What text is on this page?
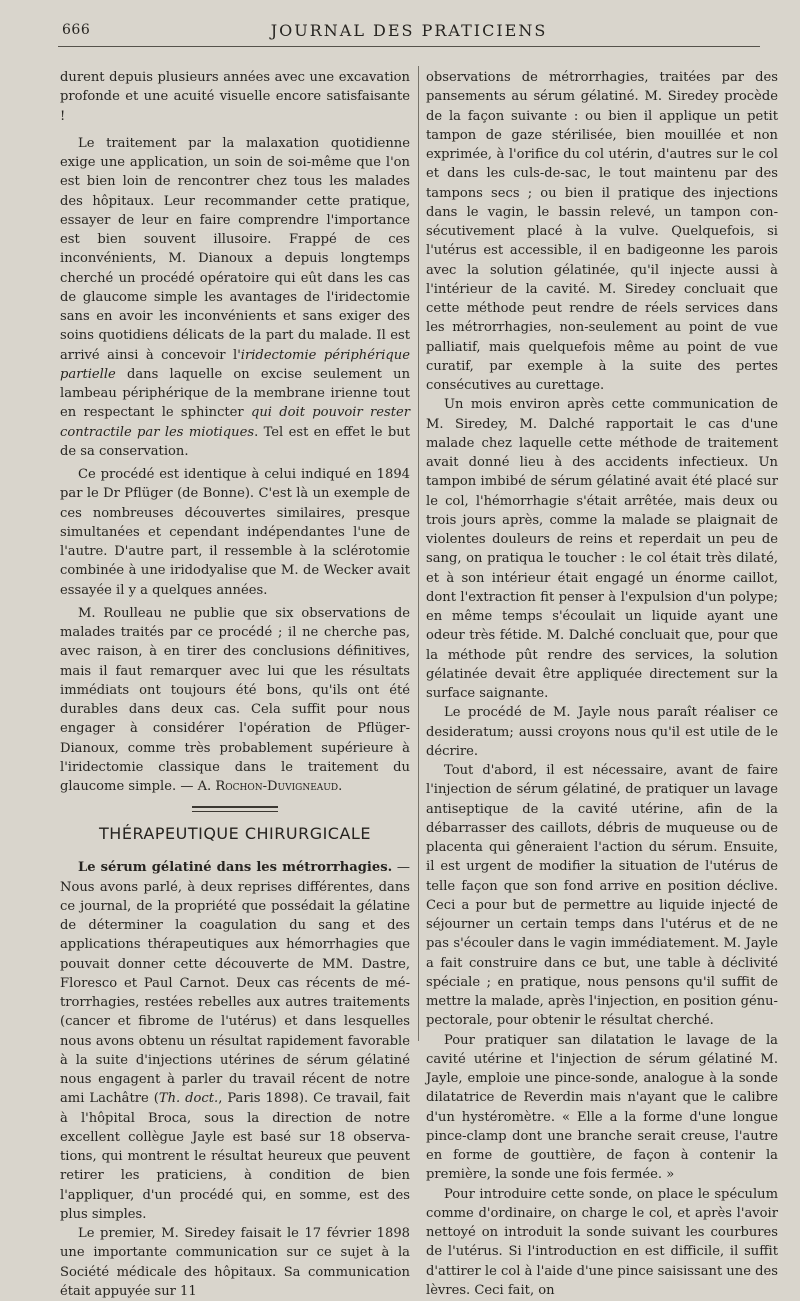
666	JOURNAL DES PRATICIENS

durent depuis plusieurs années avec une excavation profonde et une acuité visuelle encore satisfaisante !

Le traitement par la malaxation quotidienne exige une application, un soin de soi-même que l'on est bien loin de rencontrer chez tous les malades des hôpitaux. Leur recommander cette pratique, essayer de leur en faire comprendre l'importance est bien souvent illusoire. Frappé de ces inconvénients, M. Dianoux a depuis longtemps cherché un procédé opératoire qui eût dans les cas de glaucome simple les avantages de l'iridectomie sans en avoir les inconvénients et sans exiger des soins quotidiens délicats de la part du malade. Il est arrivé ainsi à concevoir l'iridectomie périphérique partielle dans laquelle on excise seulement un lambeau périphérique de la membrane irienne tout en respectant le sphincter qui doit pouvoir rester contractile par les miotiques. Tel est en effet le but de sa conservation.

Ce procédé est identique à celui indiqué en 1894 par le Dr Pflüger (de Bonne). C'est là un exemple de ces nombreuses découvertes similaires, presque simultanées et cependant indépendantes l'une de l'autre. D'autre part, il ressemble à la sclérotomie combinée à une iridodyalise que M. de Wecker avait essayée il y a quelques années.

M. Roulleau ne publie que six observations de malades traités par ce procédé ; il ne cherche pas, avec raison, à en tirer des conclusions définitives, mais il faut remarquer avec lui que les résultats immédiats ont toujours été bons, qu'ils ont été durables dans deux cas. Cela suffit pour nous engager à considérer l'opération de Pflüger-Dianoux, comme très probablement supérieure à l'iridectomie classique dans le traitement du glaucome simple. — A. Rochon-Duvigneaud.

THÉRAPEUTIQUE CHIRURGICALE

Le sérum gélatiné dans les métrorrhagies. — Nous avons parlé, à deux reprises différentes, dans ce journal, de la propriété que possédait la gélatine de déterminer la coagulation du sang et des applications thérapeutiques aux hémorrhagies que pouvait donner cette découverte de MM. Dastre, Floresco et Paul Carnot. Deux cas récents de métrorrhagies, restées rebelles aux autres traitements (cancer et fibrome de l'utérus) et dans lesquelles nous avons obtenu un résultat rapidement favorable à la suite d'injections utérines de sérum gélatiné nous engagent à parler du travail récent de notre ami Lachâtre (Th. doct., Paris 1898). Ce travail, fait à l'hôpital Broca, sous la direction de notre excellent collègue Jayle est basé sur 18 observations, qui montrent le résultat heureux que peuvent retirer les praticiens, à condition de bien l'appliquer, d'un procédé qui, en somme, est des plus simples.

Le premier, M. Siredey faisait le 17 février 1898 une importante communication sur ce sujet à la Société médicale des hôpitaux. Sa communication était appuyée sur 11

observations de métrorrhagies, traitées par des pansements au sérum gélatiné. M. Siredey procède de la façon suivante : ou bien il applique un petit tampon de gaze stérilisée, bien mouillée et non exprimée, à l'orifice du col utérin, d'autres sur le col et dans les culs-de-sac, le tout maintenu par des tampons secs ; ou bien il pratique des injections dans le vagin, le bassin relevé, un tampon consécutivement placé à la vulve. Quelquefois, si l'utérus est accessible, il en badigeonne les parois avec la solution gélatinée, qu'il injecte aussi à l'intérieur de la cavité. M. Siredey concluait que cette méthode peut rendre de réels services dans les métrorrhagies, non-seulement au point de vue palliatif, mais quelquefois même au point de vue curatif, par exemple à la suite des pertes consécutives au curettage.

Un mois environ après cette communication de M. Siredey, M. Dalché rapportait le cas d'une malade chez laquelle cette méthode de traitement avait donné lieu à des accidents infectieux. Un tampon imbibé de sérum gélatiné avait été placé sur le col, l'hémorrhagie s'était arrêtée, mais deux ou trois jours après, comme la malade se plaignait de violentes douleurs de reins et reperdait un peu de sang, on pratiqua le toucher : le col était très dilaté, et à son intérieur était engagé un énorme caillot, dont l'extraction fit penser à l'expulsion d'un polype; en même temps s'écoulait un liquide ayant une odeur très fétide. M. Dalché concluait que, pour que la méthode pût rendre des services, la solution gélatinée devait être appliquée directement sur la surface saignante.

Le procédé de M. Jayle nous paraît réaliser ce desideratum; aussi croyons nous qu'il est utile de le décrire.

Tout d'abord, il est nécessaire, avant de faire l'injection de sérum gélatiné, de pratiquer un lavage antiseptique de la cavité utérine, afin de la débarrasser des caillots, débris de muqueuse ou de placenta qui gêneraient l'action du sérum. Ensuite, il est urgent de modifier la situation de l'utérus de telle façon que son fond arrive en position déclive. Ceci a pour but de permettre au liquide injecté de séjourner un certain temps dans l'utérus et de ne pas s'écouler dans le vagin immédiatement. M. Jayle a fait construire dans ce but, une table à déclivité spéciale ; en pratique, nous pensons qu'il suffit de mettre la malade, après l'injection, en position génu-pectorale, pour obtenir le résultat cherché.

Pour pratiquer san dilatation le lavage de la cavité utérine et l'injection de sérum gélatiné M. Jayle, emploie une pince-sonde, analogue à la sonde dilatatrice de Reverdin mais n'ayant que le calibre d'un hystéromètre. « Elle a la forme d'une longue pince-clamp dont une branche serait creuse, l'autre en forme de gouttière, de façon à contenir la première, la sonde une fois fermée. »

Pour introduire cette sonde, on place le spéculum comme d'ordinaire, on charge le col, et après l'avoir nettoyé on introduit la sonde suivant les courbures de l'utérus. Si l'introduction en est difficile, il suffit d'attirer le col à l'aide d'une pince saisissant une des lèvres. Ceci fait, on
